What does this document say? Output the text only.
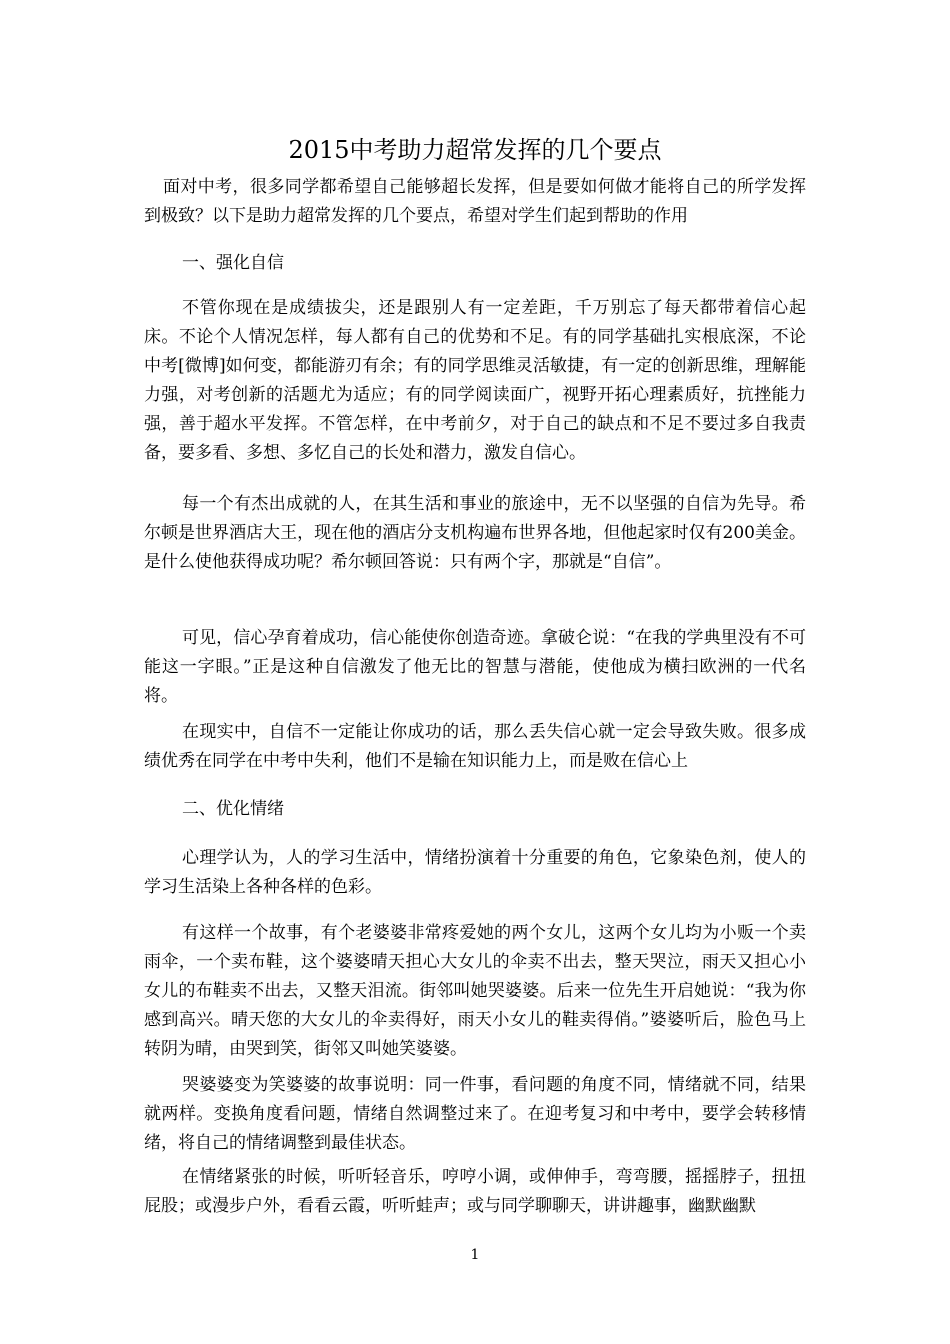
2015中考助力超常发挥的几个要点

面对中考，很多同学都希望自己能够超长发挥，但是要如何做才能将自己的所学发挥到极致？以下是助力超常发挥的几个要点，希望对学生们起到帮助的作用

一、强化自信

不管你现在是成绩拔尖，还是跟别人有一定差距，千万别忘了每天都带着信心起床。不论个人情况怎样，每人都有自己的优势和不足。有的同学基础扎实根底深，不论中考[微博]如何变，都能游刃有余；有的同学思维灵活敏捷，有一定的创新思维，理解能力强，对考创新的活题尤为适应；有的同学阅读面广，视野开拓心理素质好，抗挫能力强，善于超水平发挥。不管怎样，在中考前夕，对于自己的缺点和不足不要过多自我责备，要多看、多想、多忆自己的长处和潜力，激发自信心。

每一个有杰出成就的人，在其生活和事业的旅途中，无不以坚强的自信为先导。希尔顿是世界酒店大王，现在他的酒店分支机构遍布世界各地，但他起家时仅有200美金。是什么使他获得成功呢？希尔顿回答说：只有两个字，那就是“自信”。

可见，信心孕育着成功，信心能使你创造奇迹。拿破仑说：“在我的学典里没有不可能这一字眼。”正是这种自信激发了他无比的智慧与潜能，使他成为横扫欧洲的一代名将。

在现实中，自信不一定能让你成功的话，那么丢失信心就一定会导致失败。很多成绩优秀在同学在中考中失利，他们不是输在知识能力上，而是败在信心上

二、优化情绪

心理学认为，人的学习生活中，情绪扮演着十分重要的角色，它象染色剂，使人的学习生活染上各种各样的色彩。

有这样一个故事，有个老婆婆非常疼爱她的两个女儿，这两个女儿均为小贩一个卖雨伞，一个卖布鞋，这个婆婆晴天担心大女儿的伞卖不出去，整天哭泣，雨天又担心小女儿的布鞋卖不出去，又整天泪流。街邻叫她哭婆婆。后来一位先生开启她说：“我为你感到高兴。晴天您的大女儿的伞卖得好，雨天小女儿的鞋卖得俏。”婆婆听后，脸色马上转阴为晴，由哭到笑，街邻又叫她笑婆婆。

哭婆婆变为笑婆婆的故事说明：同一件事，看问题的角度不同，情绪就不同，结果就两样。变换角度看问题，情绪自然调整过来了。在迎考复习和中考中，要学会转移情绪，将自己的情绪调整到最佳状态。

在情绪紧张的时候，听听轻音乐，哼哼小调，或伸伸手，弯弯腰，摇摇脖子，扭扭屁股；或漫步户外，看看云霞，听听蛙声；或与同学聊聊天，讲讲趣事，幽默幽默

1
